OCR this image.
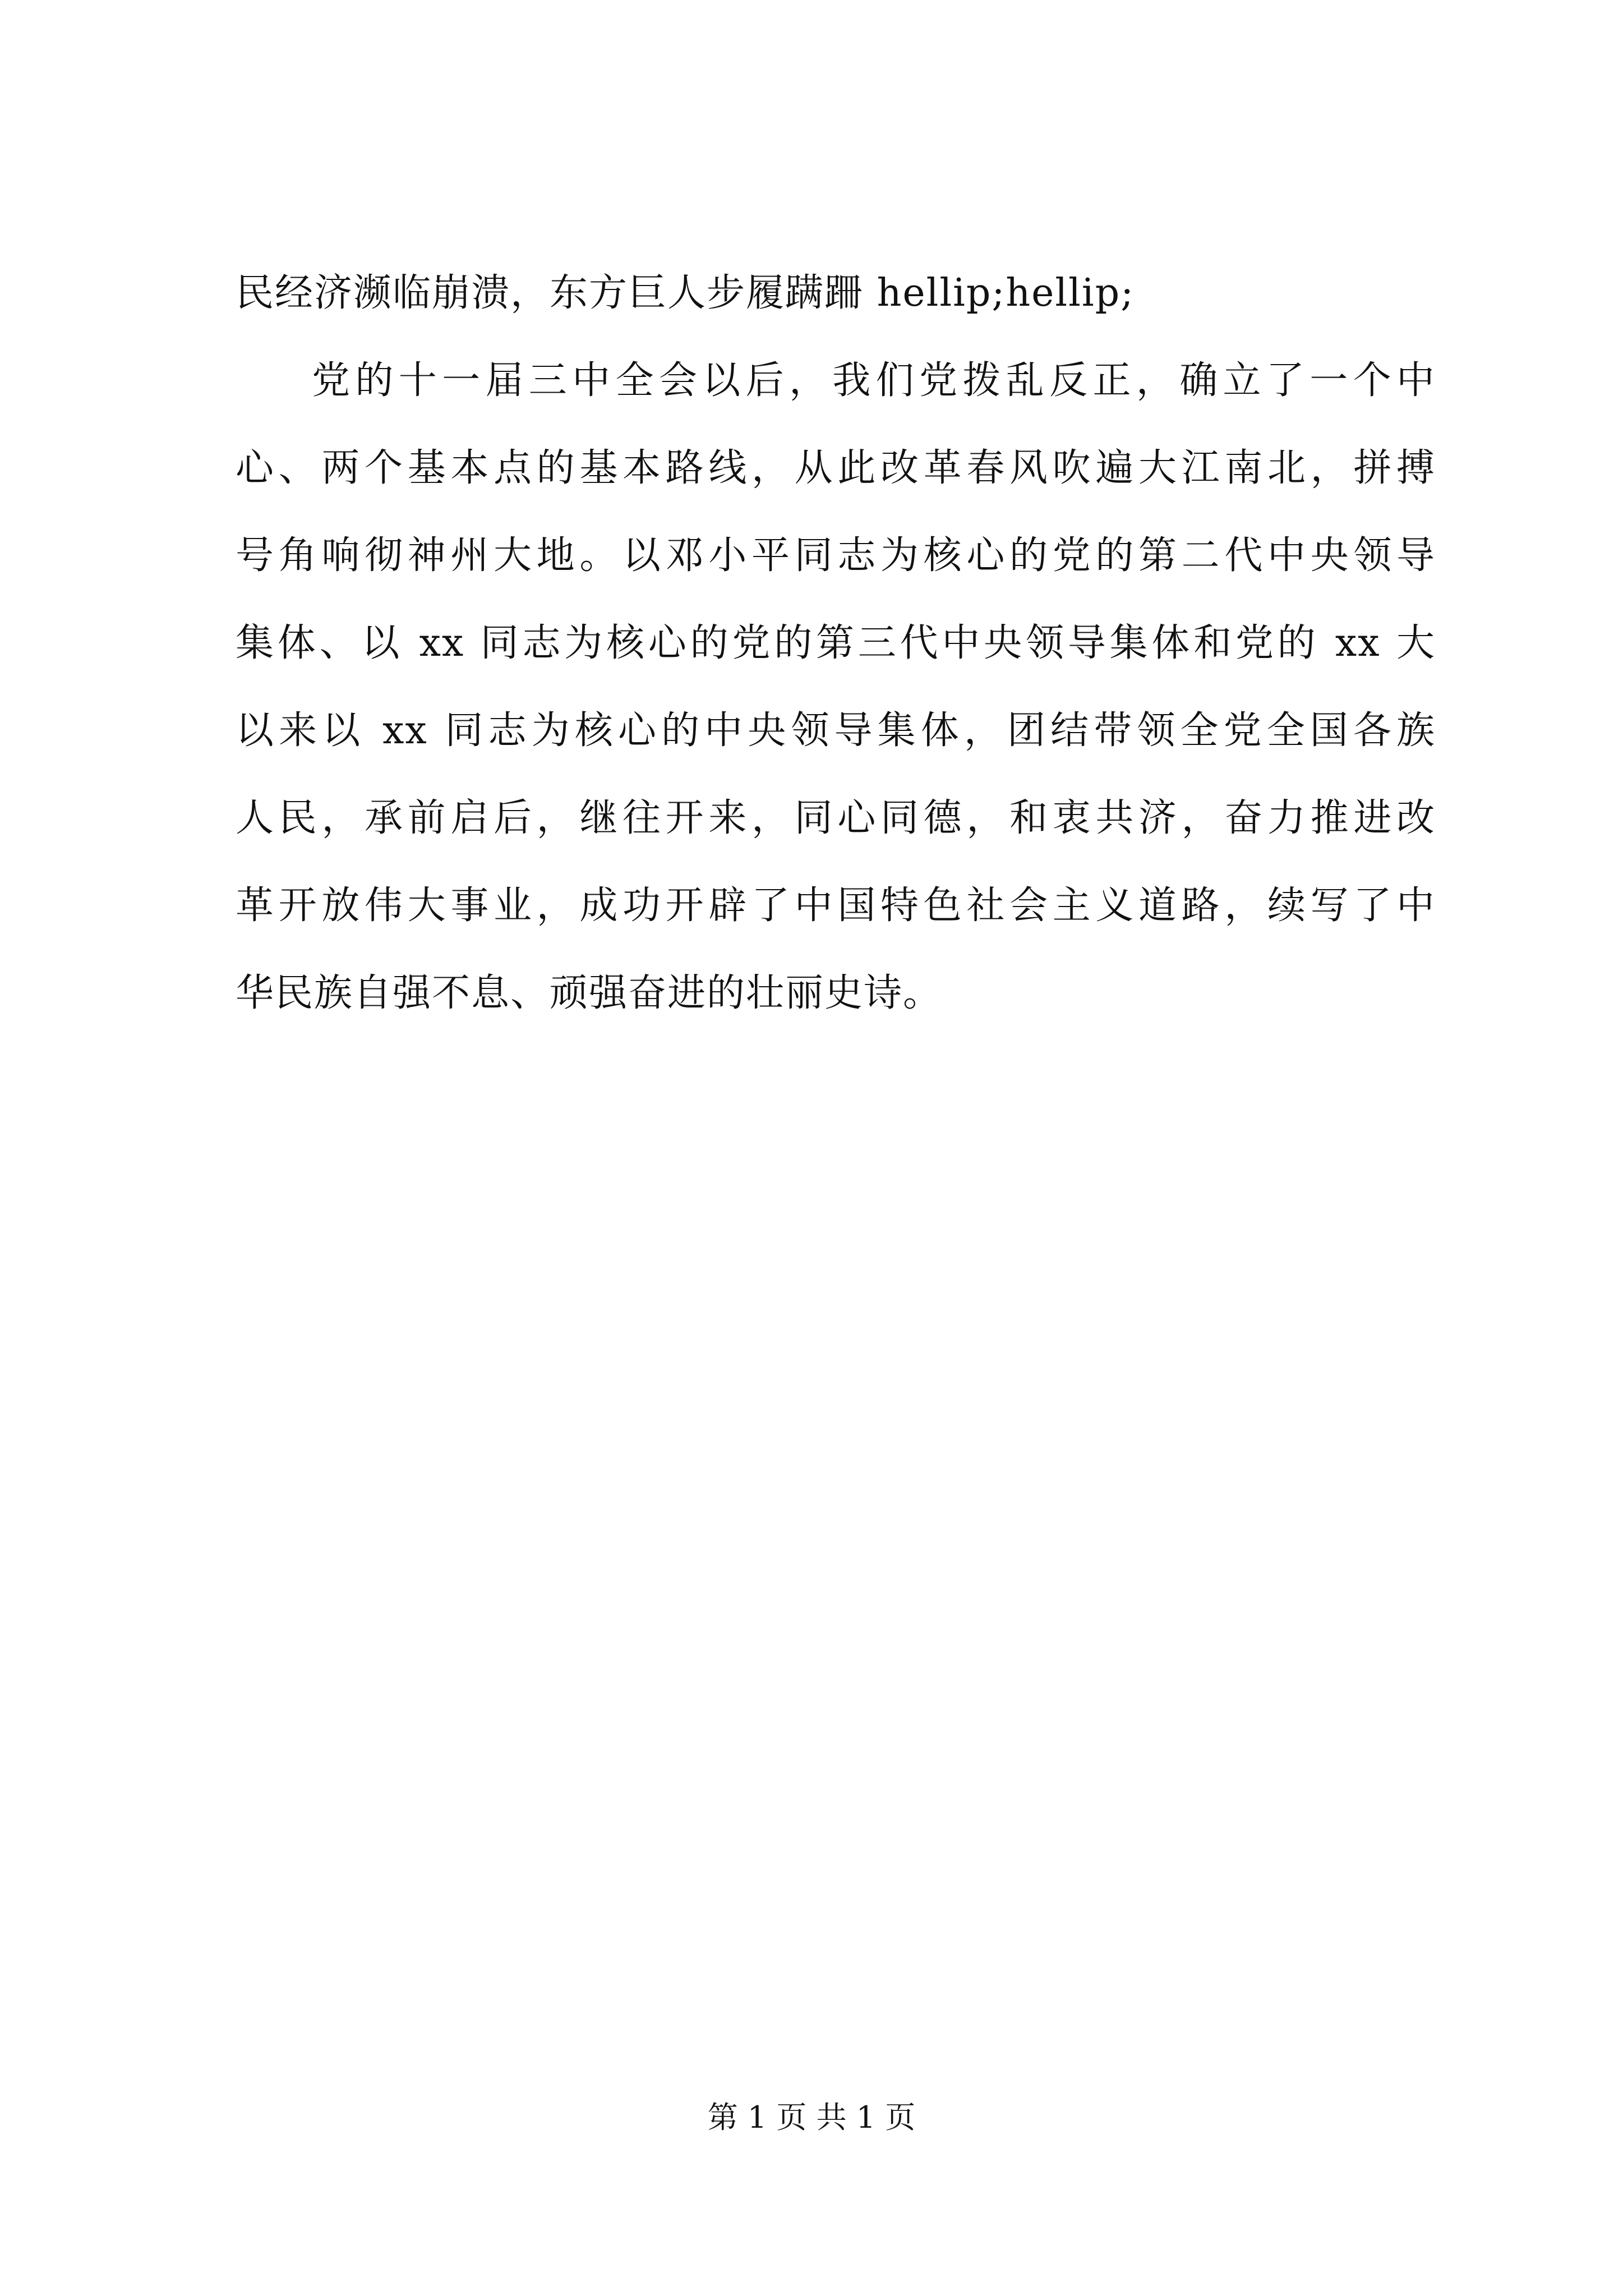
民经济濒临崩溃，东方巨人步履蹒跚 hellip;hellip;
党的十一届三中全会以后，我们党拨乱反正，确立了一个中
心、两个基本点的基本路线，从此改革春风吹遍大江南北，拼搏
号角响彻神州大地。以邓小平同志为核心的党的第二代中央领导
集体、以 xx 同志为核心的党的第三代中央领导集体和党的 xx 大
以来以 xx 同志为核心的中央领导集体，团结带领全党全国各族
人民，承前启后，继往开来，同心同德，和衷共济，奋力推进改
革开放伟大事业，成功开辟了中国特色社会主义道路，续写了中
华民族自强不息、顽强奋进的壮丽史诗。
第 1 页 共 1 页
